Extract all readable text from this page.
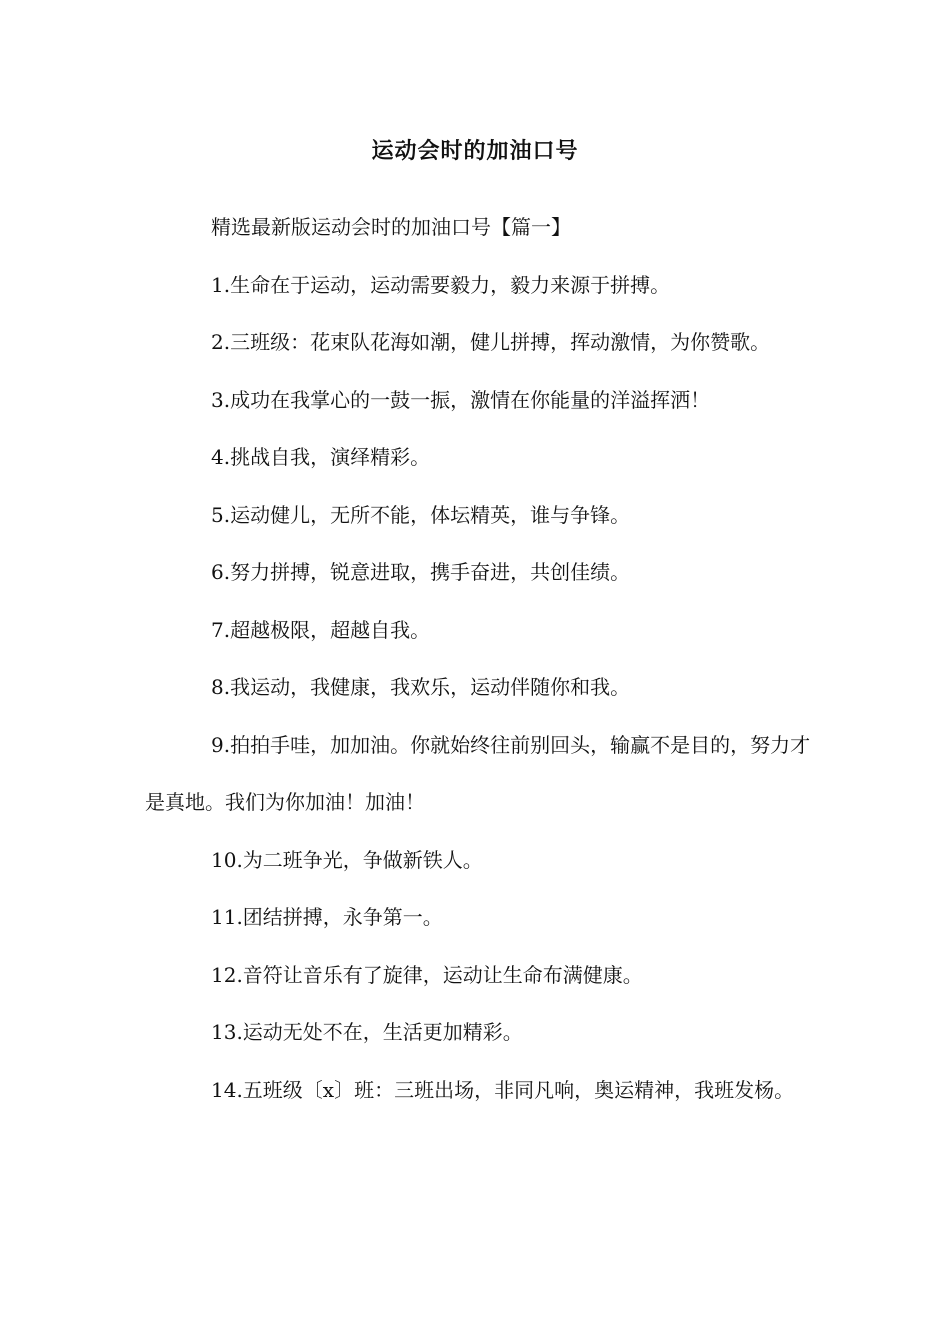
运动会时的加油口号

精选最新版运动会时的加油口号【篇一】

1.生命在于运动，运动需要毅力，毅力来源于拼搏。

2.三班级：花束队花海如潮，健儿拼搏，挥动激情，为你赞歌。

3.成功在我掌心的一鼓一振，激情在你能量的洋溢挥洒！

4.挑战自我，演绎精彩。

5.运动健儿，无所不能，体坛精英，谁与争锋。

6.努力拼搏，锐意进取，携手奋进，共创佳绩。

7.超越极限，超越自我。

8.我运动，我健康，我欢乐，运动伴随你和我。

9.拍拍手哇，加加油。你就始终往前别回头，输赢不是目的，努力才是真地。我们为你加油！加油！

10.为二班争光，争做新铁人。

11.团结拼搏，永争第一。

12.音符让音乐有了旋律，运动让生命布满健康。

13.运动无处不在，生活更加精彩。

14.五班级〔x〕班：三班出场，非同凡响，奥运精神，我班发杨。
